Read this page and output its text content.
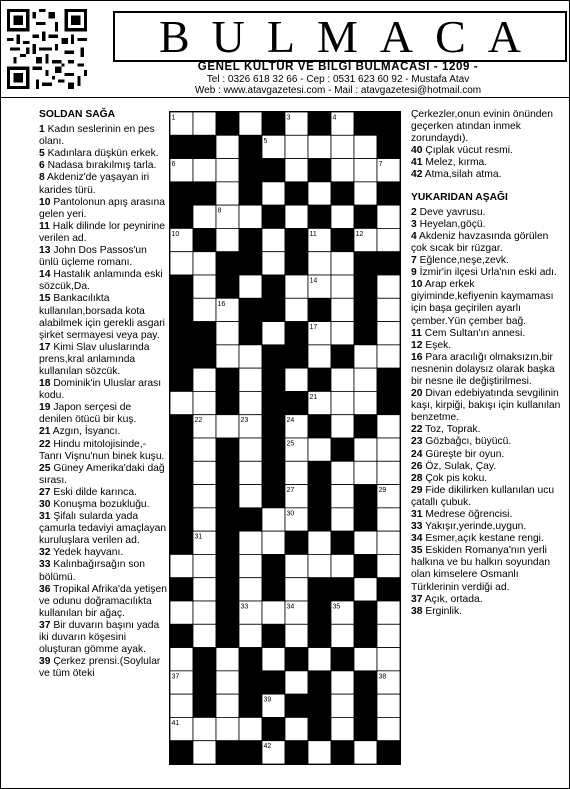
BULMACA
GENEL KÜLTÜR VE BİLGİ BULMACASI - 1209 -
Tel : 0326 618 32 66 - Cep : 0531 623 60 92 - Mustafa Atav
Web : www.atavgazetesi.com - Mail : atavgazetesi@hotmail.com
SOLDAN SAĞA
1 Kadın seslerinin en pes olanı.
5 Kadınlara düşkün erkek.
6 Nadasa bırakılmış tarla.
8 Akdeniz'de yaşayan iri karides türü.
10 Pantolonun apış arasına gelen yeri.
11 Halk dilinde lor peynirine verilen ad.
13 John Dos Passos'un ünlü üçleme romanı.
14 Hastalık anlamında eski sözcük,Da.
15 Bankacılıkta kullanılan,borsada kota alabilmek için gerekli asgari şirket sermayesi veya pay.
17 Kimi Slav uluslarında prens,kral anlamında kullanılan sözcük.
18 Dominik'in Uluslar arası kodu.
19 Japon serçesi de denilen ötücü bir kuş.
21 Azgın, İsyancı.
22 Hindu mitolojisinde,-Tanrı Vişnu'nun binek kuşu.
25 Güney Amerika'daki dağ sırası.
27 Eski dilde karınca.
30 Konuşma bozukluğu.
31 Şifalı sularda yada çamurla tedaviyi amaçlayan kuruluşlara verilen ad.
32 Yedek hayvanı.
33 Kalınbağırsağın son bölümü.
36 Tropikal Afrika'da yetişen ve odunu doğramacılıkta kullanılan bir ağaç.
37 Bir duvarın başını yada iki duvarın köşesini oluşturan gömme ayak.
39 Çerkez prensi.(Soylular ve tüm öteki
1	2	3	4
5
6	7
8	9
10	11	12
13
14
15	16
17
18
19	20
21
22	23	24
25	26
27 28	29
30
31
32
33	34	35
36
37	38
39	40
41
42
Çerkezler,onun evinin önünden geçerken atından inmek zorundaydı).
40 Çıplak vücut resmi.
41 Melez, kırma.
42 Atma,silah atma.
YUKARIDAN AŞAĞI
2 Deve yavrusu.
3 Heyelan,göçü.
4 Akdeniz havzasında görülen çok sıcak bir rüzgar.
7 Eğlence,neşe,zevk.
9 İzmir'in ilçesi Urla'nın eski adı.
10 Arap erkek giyiminde,kefiyenin kaymaması için başa geçirilen ayarlı çember.Yün çember bağ.
11 Cem Sultan'ın annesi.
12 Eşek.
16 Para aracılığı olmaksızın,bir nesnenin dolaysız olarak başka bir nesne ile değiştirilmesi.
20 Divan edebiyatında sevgilinin kaşı, kirpiği, bakışı için kullanılan benzetme.
22 Toz, Toprak.
23 Gözbağcı, büyücü.
24 Güreşte bir oyun.
26 Öz, Sulak, Çay.
28 Çok pis koku.
29 Fide dikilirken kullanılan ucu çatallı çubuk.
31 Medrese öğrencisi.
33 Yakışır,yerinde,uygun.
34 Esmer,açık kestane rengi.
35 Eskiden Romanya'nın yerli halkına ve bu halkın soyundan olan kimselere Osmanlı Türklerinin verdiği ad.
37 Açık, ortada.
38 Erginlik.
